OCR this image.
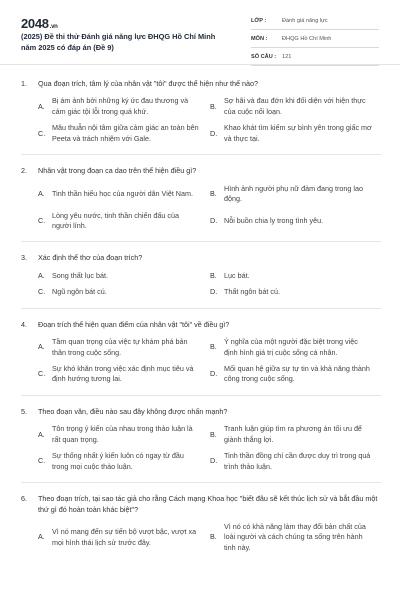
2048.vn
(2025) Đề thi thử Đánh giá năng lực ĐHQG Hồ Chí Minh năm 2025 có đáp án (Đề 9)
LỚP :	Đánh giá năng lực
MÔN :	ĐHQG Hồ Chí Minh
SỐ CÂU :	121
1.	Qua đoạn trích, tâm lý của nhân vật "tôi" được thể hiện như thế nào?
A.
Bị ám ảnh bởi những ký ức đau thương và cảm giác tội lỗi trong quá khứ.
B.
Sợ hãi và đau đớn khi đối diện với hiện thực của cuộc nổi loạn.
C.
Mâu thuẫn nội tâm giữa cảm giác an toàn bên Peeta và trách nhiệm với Gale.
D.
Khao khát tìm kiếm sự bình yên trong giấc mơ và thực tại.
2.	Nhân vật trong đoạn ca dao trên thể hiện điều gì?
A.	Tinh thần hiếu học của người dân Việt Nam.	B.
Hình ảnh người phụ nữ đảm đang trong lao động.
C.
Lòng yêu nước, tinh thần chiến đấu của người lính.
D. Nỗi buồn chia ly trong tình yêu.
3.	Xác định thể thơ của đoạn trích?
A.	Song thất lục bát.	B.	Lục bát.
C. Ngũ ngôn bát cú.	D. Thất ngôn bát cú.
4.	Đoạn trích thể hiện quan điểm của nhân vật "tôi" về điều gì?
A.
Tầm quan trọng của việc tự khám phá bản thân trong cuộc sống.
B.
Ý nghĩa của một người đặc biệt trong việc định hình giá trị cuộc sống cá nhân.
C.
Sự khó khăn trong việc xác định mục tiêu và định hướng tương lai.
D.
Mối quan hệ giữa sự tự tin và khả năng thành công trong cuộc sống.
5.	Theo đoạn văn, điều nào sau đây không được nhấn mạnh?
A.
Tôn trọng ý kiến của nhau trong thảo luận là rất quan trọng.
B.
Tranh luận giúp tìm ra phương án tối ưu để giành thắng lợi.
C.
Sự thống nhất ý kiến luôn có ngay từ đầu trong mọi cuộc thảo luận.
D.
Tinh thần đồng chí cần được duy trì trong quá trình thảo luận.
6.	Theo đoạn trích, tại sao tác giả cho rằng Cách mạng Khoa học "biết đâu sẽ kết thúc lịch sử và bắt đầu một thứ gì đó hoàn toàn khác biệt"?
A.
Vì nó mang đến sự tiến bộ vượt bậc, vượt xa mọi hình thái lịch sử trước đây.
B.
Vì nó có khả năng làm thay đổi bản chất của loài người và cách chúng ta sống trên hành tinh này.
